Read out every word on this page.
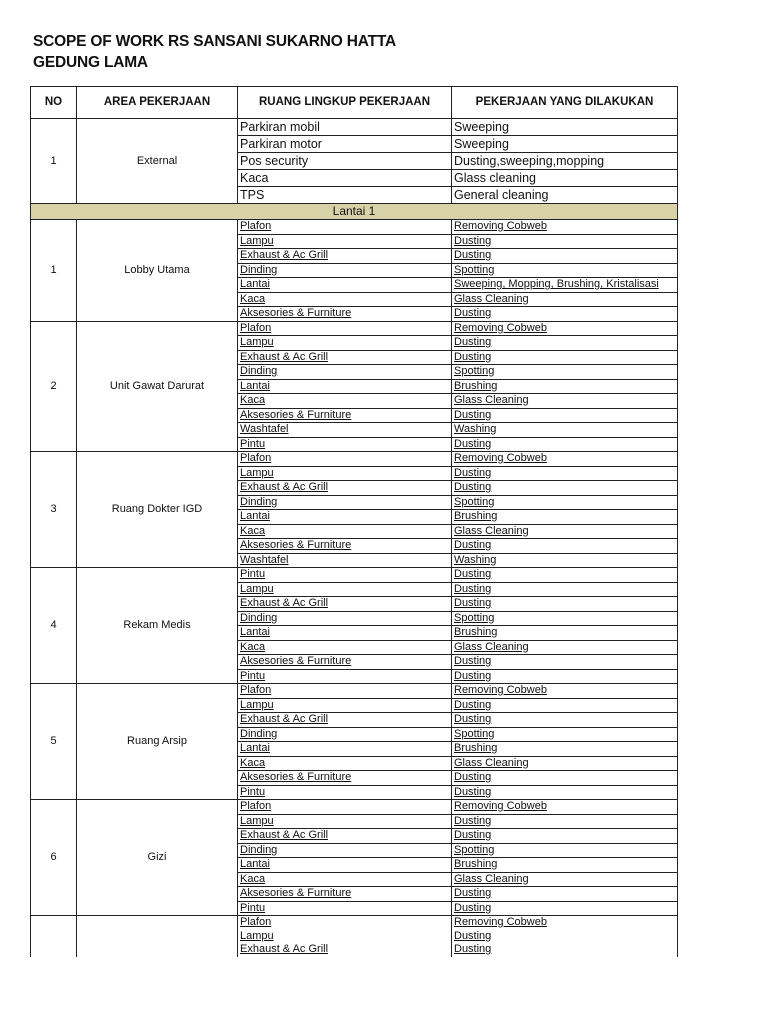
SCOPE OF WORK RS SANSANI SUKARNO HATTA
GEDUNG LAMA
NO	AREA PEKERJAAN	RUANG LINGKUP PEKERJAAN	PEKERJAAN YANG DILAKUKAN
1	External	Parkiran mobil	Sweeping
		Parkiran motor	Sweeping
		Pos security	Dusting,sweeping,mopping
		Kaca	Glass cleaning
		TPS	General cleaning
Lantai 1			
1	Lobby Utama	Plafon	Removing Cobweb
		Lampu	Dusting
		Exhaust & Ac Grill	Dusting
		Dinding	Spotting
		Lantai	Sweeping, Mopping, Brushing, Kristalisasi
		Kaca	Glass Cleaning
		Aksesories & Furniture	Dusting
2	Unit Gawat Darurat	Plafon	Removing Cobweb
		Lampu	Dusting
		Exhaust & Ac Grill	Dusting
		Dinding	Spotting
		Lantai	Brushing
		Kaca	Glass Cleaning
		Aksesories & Furniture	Dusting
		Washtafel	Washing
		Pintu	Dusting
3	Ruang Dokter IGD	Plafon	Removing Cobweb
		Lampu	Dusting
		Exhaust & Ac Grill	Dusting
		Dinding	Spotting
		Lantai	Brushing
		Kaca	Glass Cleaning
		Aksesories & Furniture	Dusting
		Washtafel	Washing
4	Rekam Medis	Pintu	Dusting
		Lampu	Dusting
		Exhaust & Ac Grill	Dusting
		Dinding	Spotting
		Lantai	Brushing
		Kaca	Glass Cleaning
		Aksesories & Furniture	Dusting
		Pintu	Dusting
5	Ruang Arsip	Plafon	Removing Cobweb
		Lampu	Dusting
		Exhaust & Ac Grill	Dusting
		Dinding	Spotting
		Lantai	Brushing
		Kaca	Glass Cleaning
		Aksesories & Furniture	Dusting
		Pintu	Dusting
6	Gizi	Plafon	Removing Cobweb
		Lampu	Dusting
		Exhaust & Ac Grill	Dusting
		Dinding	Spotting
		Lantai	Brushing
		Kaca	Glass Cleaning
		Aksesories & Furniture	Dusting
		Pintu	Dusting
		Plafon	Removing Cobweb
		Lampu	Dusting
		Exhaust & Ac Grill	Dusting
